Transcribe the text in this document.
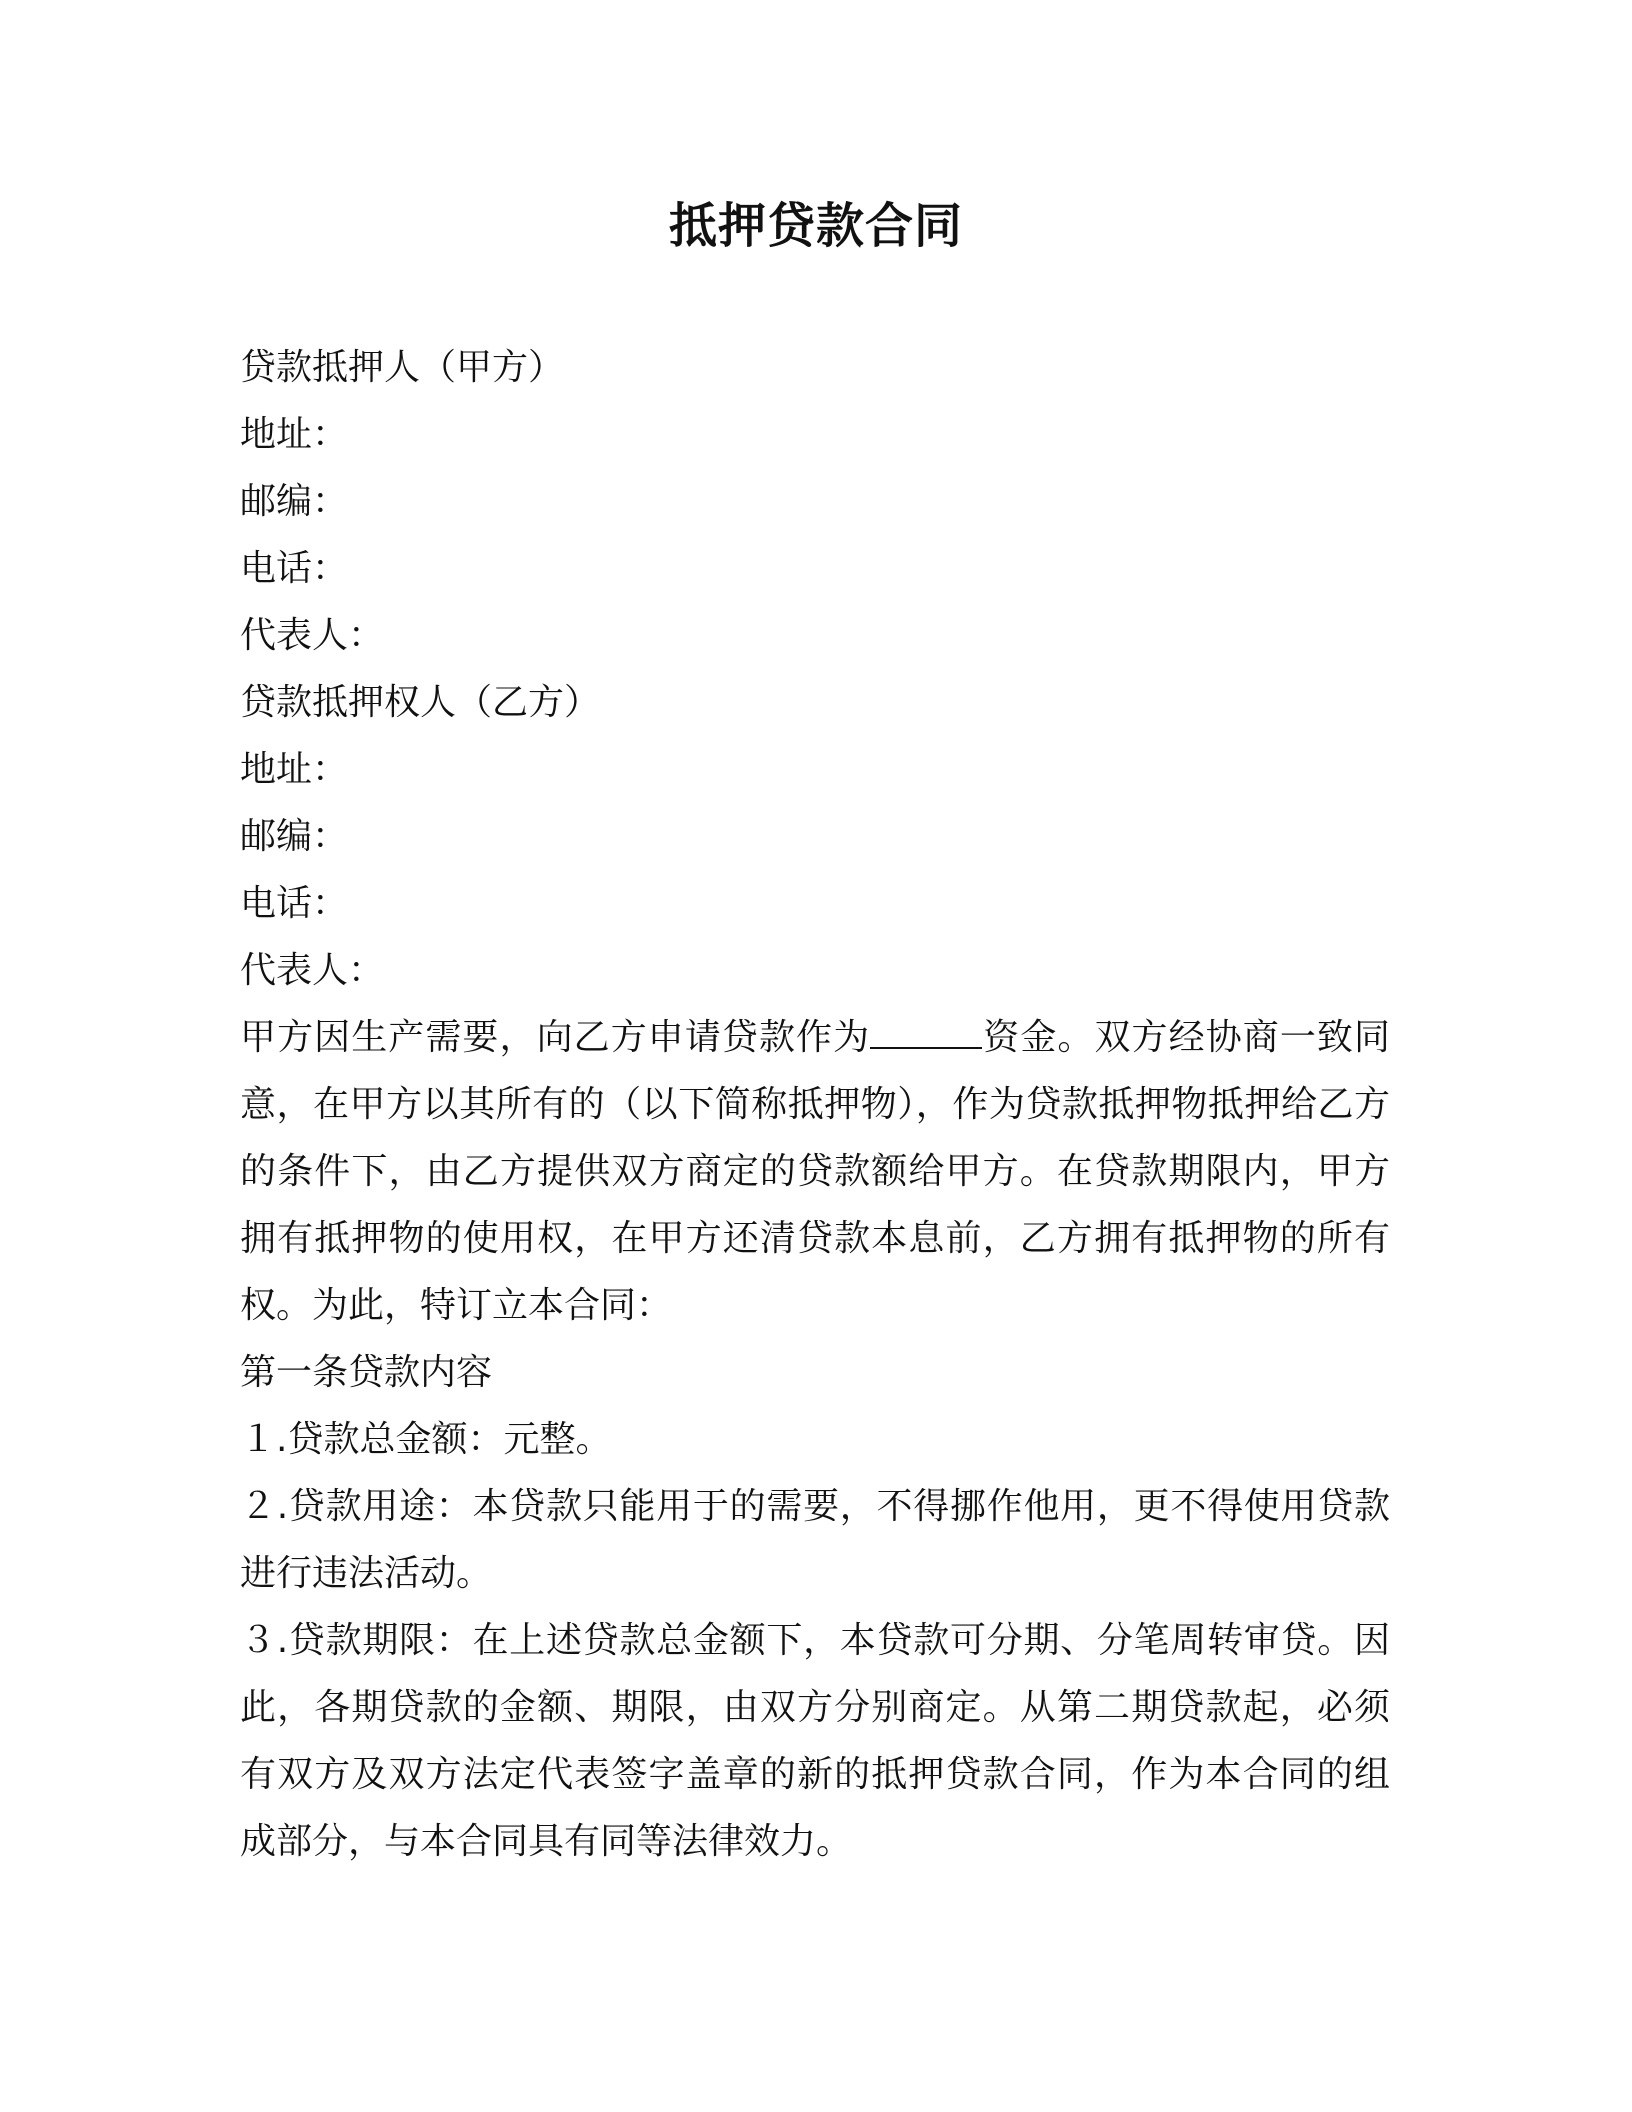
抵押贷款合同
贷款抵押人（甲方）
地址：
邮编：
电话：
代表人：
贷款抵押权人（乙方）
地址：
邮编：
电话：
代表人：

甲方因生产需要，向乙方申请贷款作为	资金。双方经协商一致同意，在甲方以其所有的（以下简称抵押物），作为贷款抵押物抵押给乙方的条件下，由乙方提供双方商定的贷款额给甲方。在贷款期限内，甲方拥有抵押物的使用权，在甲方还清贷款本息前，乙方拥有抵押物的所有权。为此，特订立本合同：

第一条贷款内容

１.贷款总金额：元整。

２.贷款用途：本贷款只能用于的需要，不得挪作他用，更不得使用贷款进行违法活动。

３.贷款期限：在上述贷款总金额下，本贷款可分期、分笔周转审贷。因此，各期贷款的金额、期限，由双方分别商定。从第二期贷款起，必须有双方及双方法定代表签字盖章的新的抵押贷款合同，作为本合同的组成部分，与本合同具有同等法律效力。
